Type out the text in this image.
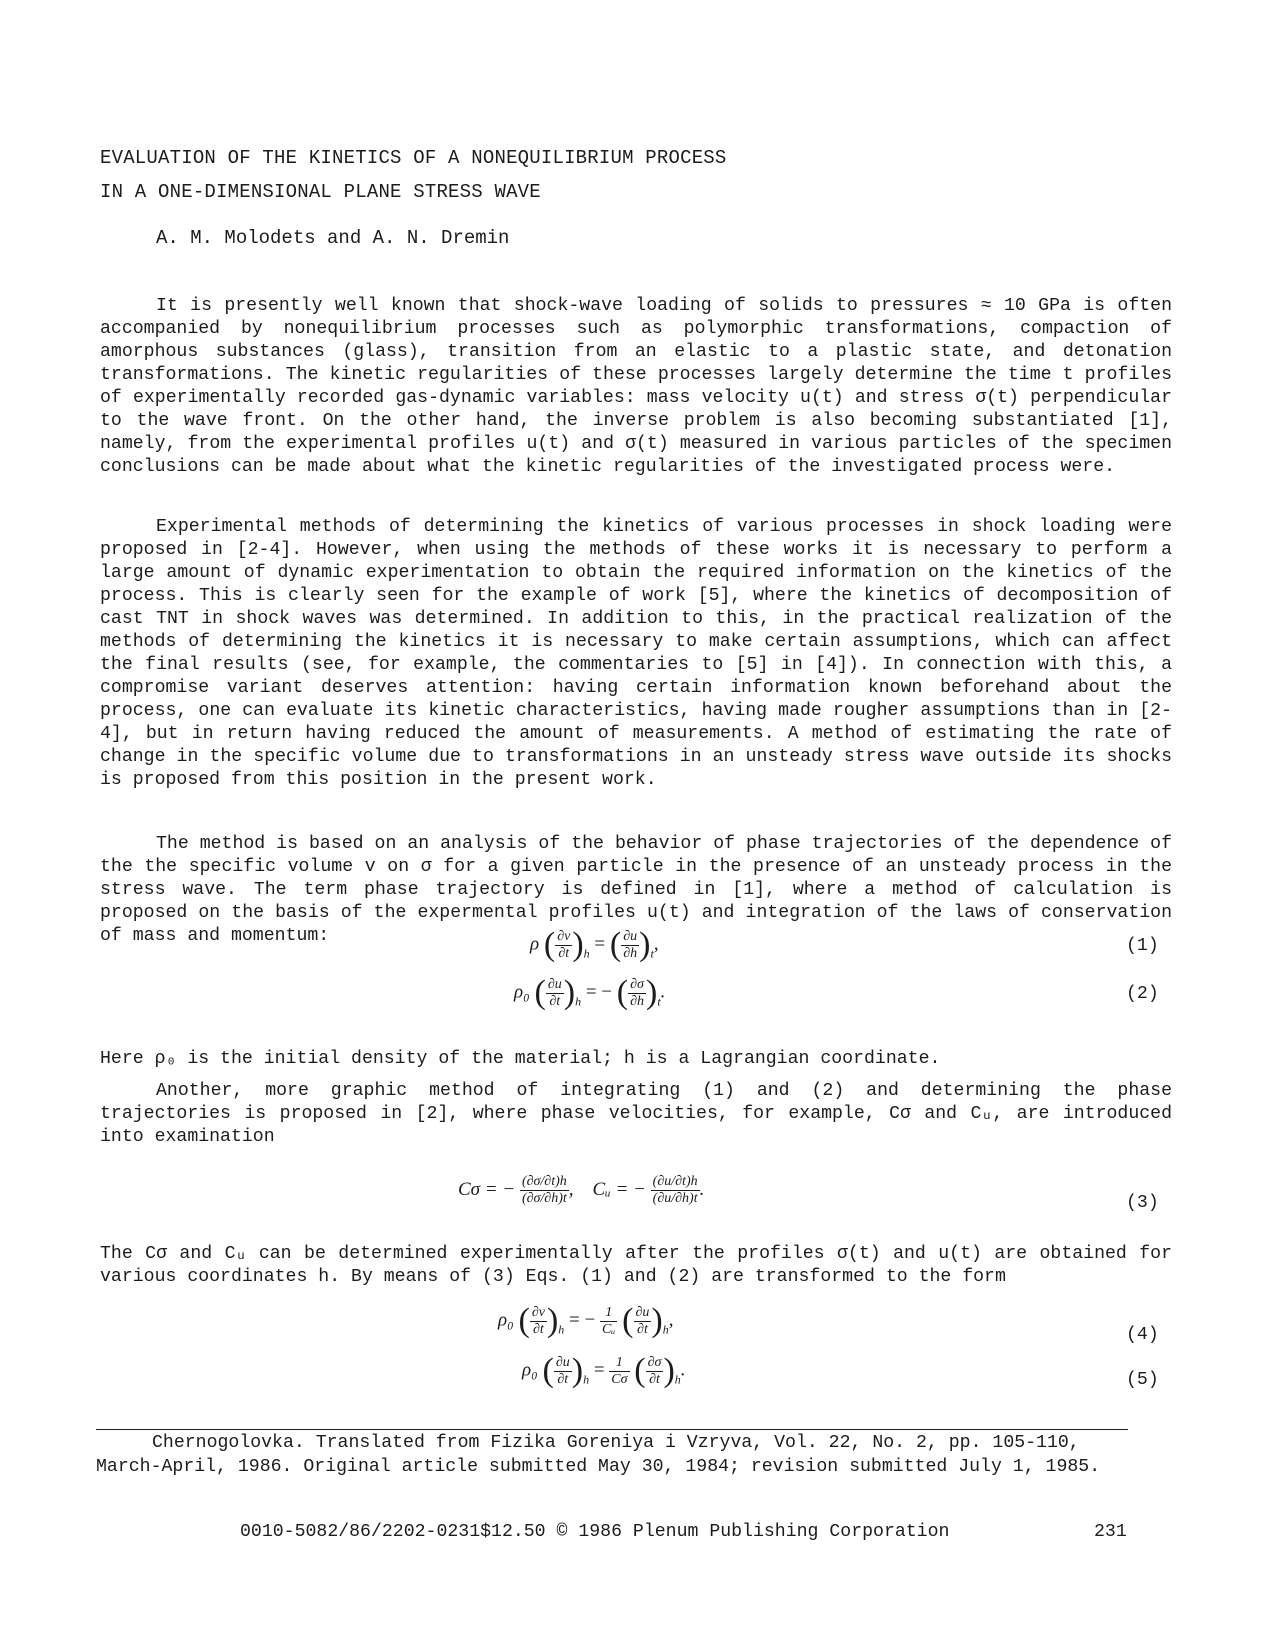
EVALUATION OF THE KINETICS OF A NONEQUILIBRIUM PROCESS
IN A ONE-DIMENSIONAL PLANE STRESS WAVE
A. M. Molodets and A. N. Dremin

It is presently well known that shock-wave loading of solids to pressures ≈ 10 GPa is often accompanied by nonequilibrium processes such as polymorphic transformations, compaction of amorphous substances (glass), transition from an elastic to a plastic state, and detonation transformations. The kinetic regularities of these processes largely determine the time t profiles of experimentally recorded gas-dynamic variables: mass velocity u(t) and stress σ(t) perpendicular to the wave front. On the other hand, the inverse problem is also becoming substantiated [1], namely, from the experimental profiles u(t) and σ(t) measured in various particles of the specimen conclusions can be made about what the kinetic regularities of the investigated process were.

Experimental methods of determining the kinetics of various processes in shock loading were proposed in [2-4]. However, when using the methods of these works it is necessary to perform a large amount of dynamic experimentation to obtain the required information on the kinetics of the process. This is clearly seen for the example of work [5], where the kinetics of decomposition of cast TNT in shock waves was determined. In addition to this, in the practical realization of the methods of determining the kinetics it is necessary to make certain assumptions, which can affect the final results (see, for example, the commentaries to [5] in [4]). In connection with this, a compromise variant deserves attention: having certain information known beforehand about the process, one can evaluate its kinetic characteristics, having made rougher assumptions than in [2-4], but in return having reduced the amount of measurements. A method of estimating the rate of change in the specific volume due to transformations in an unsteady stress wave outside its shocks is proposed from this position in the present work.

The method is based on an analysis of the behavior of phase trajectories of the dependence of the the specific volume v on σ for a given particle in the presence of an unsteady process in the stress wave. The term phase trajectory is defined in [1], where a method of calculation is proposed on the basis of the expermental profiles u(t) and integration of the laws of conservation of mass and momentum:	ρ ( $\frac{\partial v}{\partial t} )_h$ = ( $\frac{\partial u}{\partial h} )_t$,	(1)
ρ₀ ( $\frac{\partial u}{\partial t} )_h$ = − ( $\frac{\partial\sigma}{\partial h} )_t$.	(2)

Here ρ₀ is the initial density of the material; h is a Lagrangian coordinate.

Another, more graphic method of integrating (1) and (2) and determining the phase trajectories is proposed in [2], where phase velocities, for example, Cσ and Cᵤ, are introduced into examination

Cσ = − $\frac{(\partial\sigma/\partial t)h}{(\partial\sigma/\partial h)t}$ ,    Cᵤ = − $\frac{(\partial u/\partial t)h}{(\partial u/\partial h)t}$ .
(3)

The Cσ and Cᵤ can be determined experimentally after the profiles σ(t) and u(t) are obtained for various coordinates h. By means of (3) Eqs. (1) and (2) are transformed to the form

ρ₀ ( $\frac{\partial v}{\partial t} )_h$ = − $\frac{1}{\text{Cᵤ}}$ ( $\frac{\partial u}{\partial t} )_h$,
(4)
ρ₀ ( $\frac{\partial u}{\partial t} )_h = \frac{1}{C\sigma}$ ( $\frac{\partial\sigma}{\partial t} )_h$.	(5)
Chernogolovka. Translated from Fizika Goreniya i Vzryva, Vol. 22, No. 2, pp. 105-110,
March-April, 1986. Original article submitted May 30, 1984; revision submitted July 1, 1985.
0010-5082/86/2202-0231$12.50 © 1986 Plenum Publishing Corporation	231
